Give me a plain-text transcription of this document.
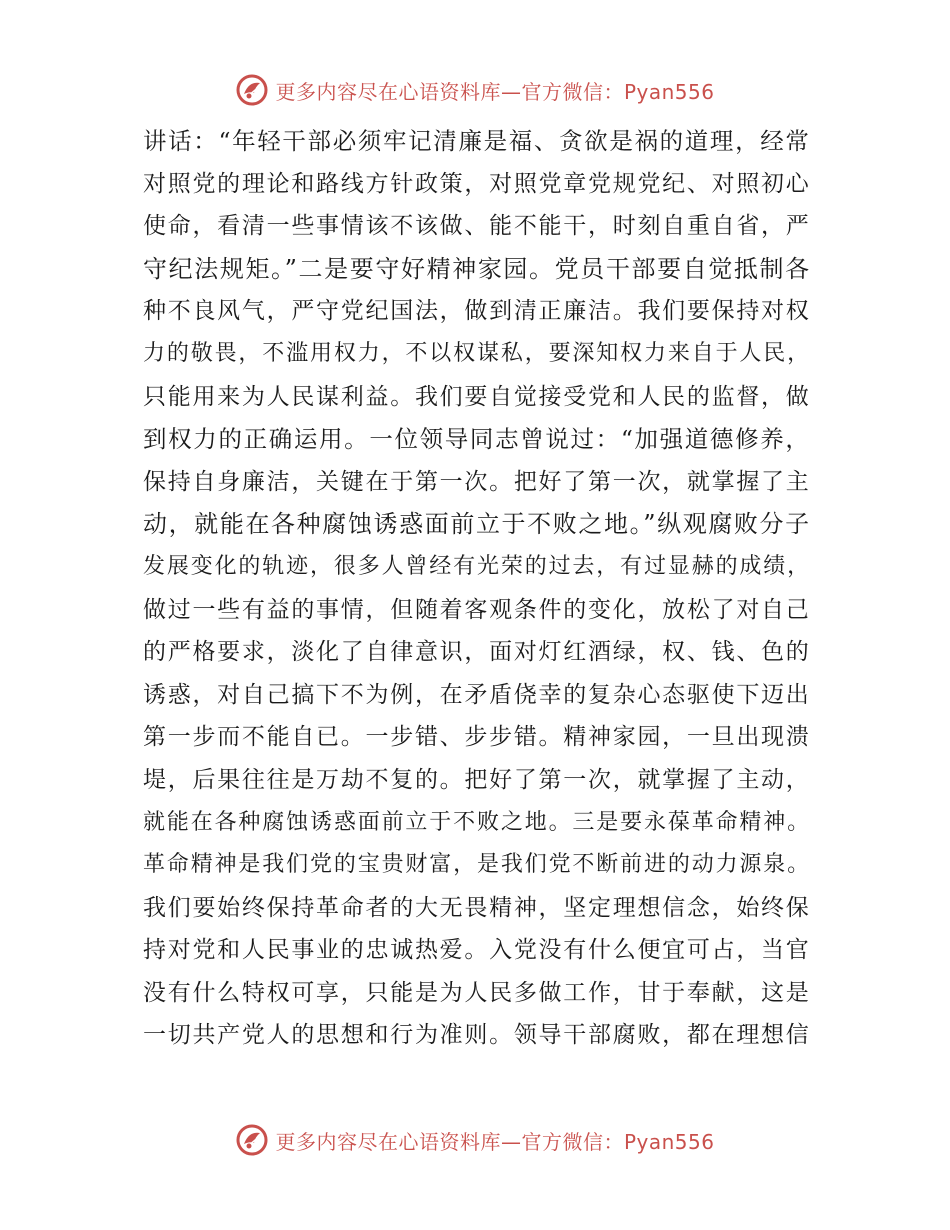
更多内容尽在心语资料库—官方微信：Pyan556
讲话：“年轻干部必须牢记清廉是福、贪欲是祸的道理，经常
对照党的理论和路线方针政策，对照党章党规党纪、对照初心
使命，看清一些事情该不该做、能不能干，时刻自重自省，严
守纪法规矩。”二是要守好精神家园。党员干部要自觉抵制各
种不良风气，严守党纪国法，做到清正廉洁。我们要保持对权
力的敬畏，不滥用权力，不以权谋私，要深知权力来自于人民，
只能用来为人民谋利益。我们要自觉接受党和人民的监督，做
到权力的正确运用。一位领导同志曾说过：“加强道德修养，
保持自身廉洁，关键在于第一次。把好了第一次，就掌握了主
动，就能在各种腐蚀诱惑面前立于不败之地。”纵观腐败分子
发展变化的轨迹，很多人曾经有光荣的过去，有过显赫的成绩，
做过一些有益的事情，但随着客观条件的变化，放松了对自己
的严格要求，淡化了自律意识，面对灯红酒绿，权、钱、色的
诱惑，对自己搞下不为例，在矛盾侥幸的复杂心态驱使下迈出
第一步而不能自已。一步错、步步错。精神家园，一旦出现溃
堤，后果往往是万劫不复的。把好了第一次，就掌握了主动，
就能在各种腐蚀诱惑面前立于不败之地。三是要永葆革命精神。
革命精神是我们党的宝贵财富，是我们党不断前进的动力源泉。
我们要始终保持革命者的大无畏精神，坚定理想信念，始终保
持对党和人民事业的忠诚热爱。入党没有什么便宜可占，当官
没有什么特权可享，只能是为人民多做工作，甘于奉献，这是
一切共产党人的思想和行为准则。领导干部腐败，都在理想信
更多内容尽在心语资料库—官方微信：Pyan556
